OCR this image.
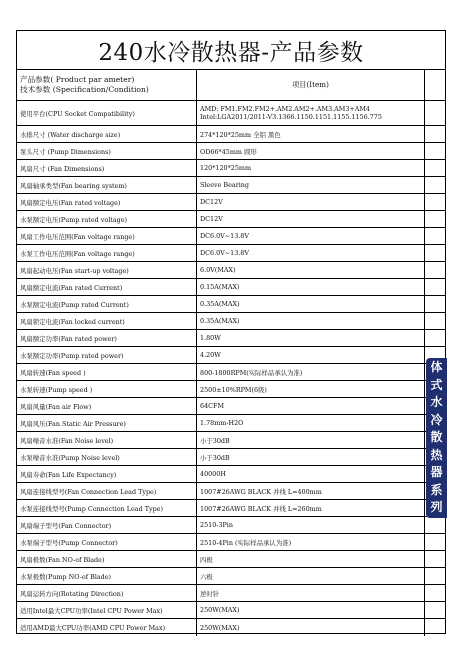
240水冷散热器-产品参数
产品参数( Product par ameter)
技术参数 (Specification/Condition)
项目(Item)
使用平台(CPU Socket Compatibility)
AMD: FM1.FM2.FM2+.AM2.AM2+.AM3.AM3+AM4
Intel:LGA2011/2011-V3.1366.1150.1151.1155.1156.775
水排尺寸 (Water discharge size)	274*120*25mm 全铝 黑色
泵头尺寸 (Pump Dimensions)	OD66*45mm 圆形
风扇尺寸 (Fan Dimensions)	120*120*25mm
风扇轴承类型(Fan bearing system)	Sleeve Bearing
风扇额定电压(Fan rated voltage)	DC12V
水泵额定电压(Pump rated voltage)	DC12V
风扇工作电压范围(Fan voltage range)	DC6.0V~13.8V
水泵工作电压范围(Fan voltage range)	DC6.0V~13.8V
风扇起动电压(Fan start-up voltage)	6.0V(MAX)
风扇额定电流(Fan rated Current)	0.15A(MAX)
水泵额定电流(Pump rated Current)	0.35A(MAX)
风扇锁定电流(Fan locked current)	0.35A(MAX)
风扇额定功率(Fan rated power)	1.80W
水泵额定功率(Pump rated power)	4.20W
风扇转速(Fan speed )	800-1800RPM(实际样品承认为准)
水泵转速(Pump speed )	2500±10%RPM(6级)
风扇风量(Fan air Flow)	64CFM
风扇风压(Fan Static Air Pressure)	1.78mm-H2O
风扇噪音水准(Fan Noise level)	小于30dB
水泵噪音水准(Pump Noise level)	小于30dB
风扇寿命(Fan Life Expectancy)	40000H
风扇连接线型号(Fan Connection Lead Type)	1007#26AWG BLACK 并线 L=400mm
水泵连接线型号(Pump Connection Lead Type)	1007#26AWG BLACK 并线 L=260mm
风扇端子型号(Fan Connector)	2510-3Pin
水泵端子型号(Pump Connector)	2510-4Pin (实际样品承认为准)
风扇极数(Fan NO-of Blade)	四极
水泵极数(Pump NO-of Blade)	六极
风扇运转方向(Rotating Direction)	逆时针
适用Intel最大CPU功率(Intel CPU Power Max)	250W(MAX)
适用AMD最大CPU功率(AMD CPU Power Max)	250W(MAX)
体
式
水
冷
散
热
器
系
列
